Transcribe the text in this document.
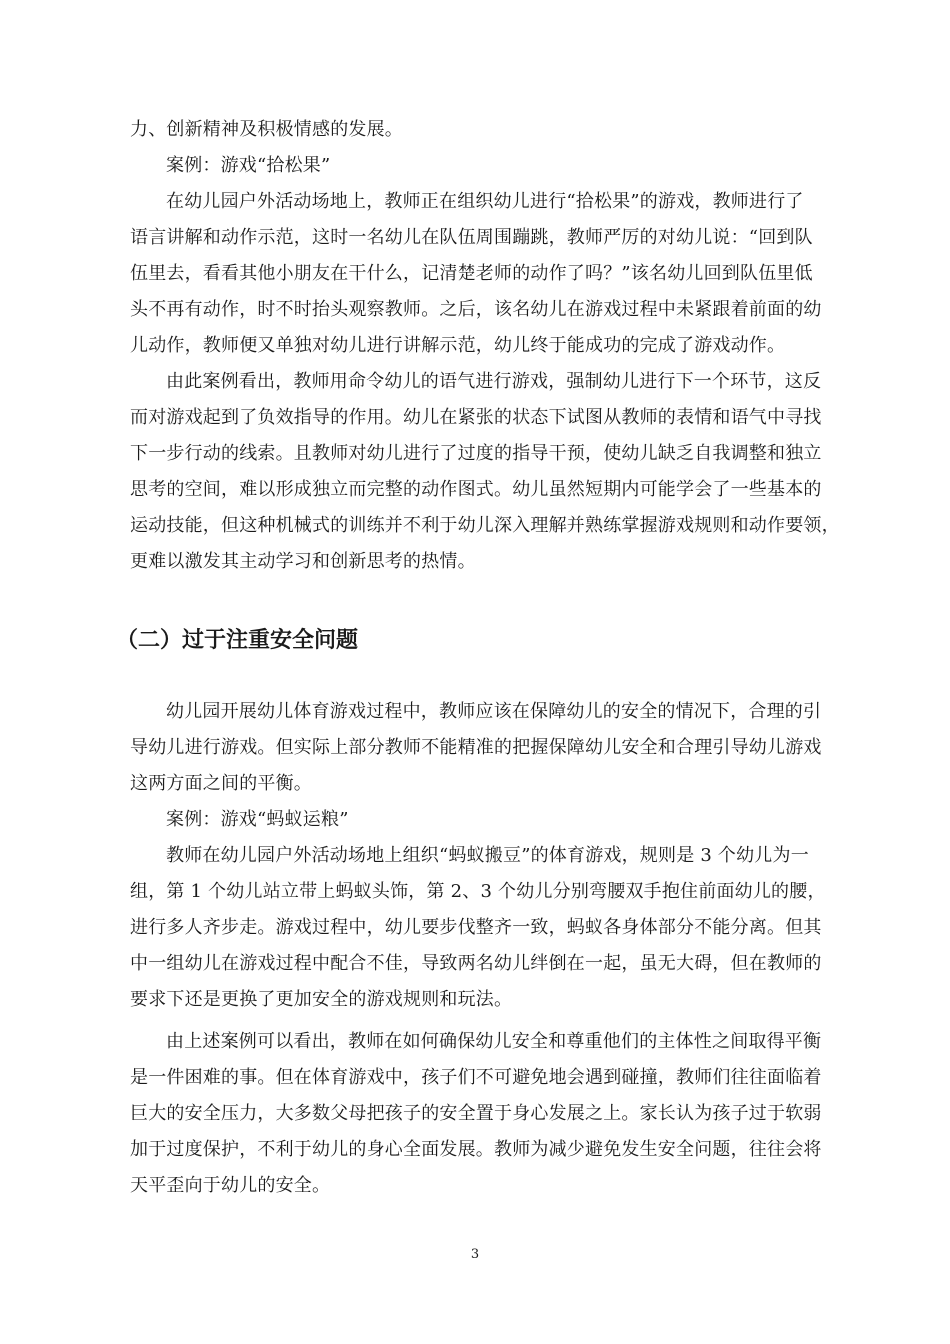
力、创新精神及积极情感的发展。
案例：游戏“拾松果”
在幼儿园户外活动场地上，教师正在组织幼儿进行“拾松果”的游戏，教师进行了
语言讲解和动作示范，这时一名幼儿在队伍周围蹦跳，教师严厉的对幼儿说：“回到队
伍里去，看看其他小朋友在干什么，记清楚老师的动作了吗？”该名幼儿回到队伍里低
头不再有动作，时不时抬头观察教师。之后，该名幼儿在游戏过程中未紧跟着前面的幼
儿动作，教师便又单独对幼儿进行讲解示范，幼儿终于能成功的完成了游戏动作。
由此案例看出，教师用命令幼儿的语气进行游戏，强制幼儿进行下一个环节，这反
而对游戏起到了负效指导的作用。幼儿在紧张的状态下试图从教师的表情和语气中寻找
下一步行动的线索。且教师对幼儿进行了过度的指导干预，使幼儿缺乏自我调整和独立
思考的空间，难以形成独立而完整的动作图式。幼儿虽然短期内可能学会了一些基本的
运动技能，但这种机械式的训练并不利于幼儿深入理解并熟练掌握游戏规则和动作要领，
更难以激发其主动学习和创新思考的热情。
（二）过于注重安全问题
幼儿园开展幼儿体育游戏过程中，教师应该在保障幼儿的安全的情况下，合理的引
导幼儿进行游戏。但实际上部分教师不能精准的把握保障幼儿安全和合理引导幼儿游戏
这两方面之间的平衡。
案例：游戏“蚂蚁运粮”
教师在幼儿园户外活动场地上组织“蚂蚁搬豆”的体育游戏，规则是 3 个幼儿为一
组，第 1 个幼儿站立带上蚂蚁头饰，第 2、3 个幼儿分别弯腰双手抱住前面幼儿的腰，
进行多人齐步走。游戏过程中，幼儿要步伐整齐一致，蚂蚁各身体部分不能分离。但其
中一组幼儿在游戏过程中配合不佳，导致两名幼儿绊倒在一起，虽无大碍，但在教师的
要求下还是更换了更加安全的游戏规则和玩法。
由上述案例可以看出，教师在如何确保幼儿安全和尊重他们的主体性之间取得平衡
是一件困难的事。但在体育游戏中，孩子们不可避免地会遇到碰撞，教师们往往面临着
巨大的安全压力，大多数父母把孩子的安全置于身心发展之上。家长认为孩子过于软弱
加于过度保护，不利于幼儿的身心全面发展。教师为减少避免发生安全问题，往往会将
天平歪向于幼儿的安全。
3
